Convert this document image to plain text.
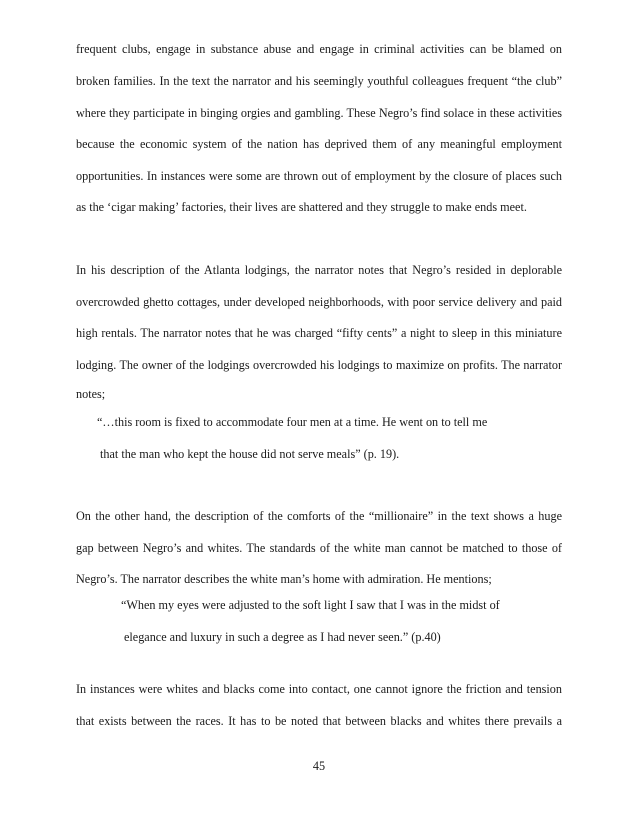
frequent clubs, engage in substance abuse and engage in criminal activities can be blamed on
broken families. In the text the narrator and his seemingly youthful colleagues frequent “the club”
where they participate in binging orgies and gambling. These Negro’s find solace in these activities
because the economic system of the nation has deprived them of any meaningful employment
opportunities. In instances were some are thrown out of employment by the closure of places such
as the ‘cigar making’ factories, their lives are shattered and they struggle to make ends meet.
In his description of the Atlanta lodgings, the narrator notes that Negro’s resided in deplorable
overcrowded ghetto cottages, under developed neighborhoods, with poor service delivery and paid
high rentals. The narrator notes that he was charged “fifty cents” a night to sleep in this miniature
lodging. The owner of the lodgings overcrowded his lodgings to maximize on profits. The narrator
notes;
“…this room is fixed to accommodate four men at a time. He went on to tell me
that the man who kept the house did not serve meals” (p. 19).
On the other hand, the description of the comforts of the “millionaire” in the text shows a huge
gap between Negro’s and whites. The standards of the white man cannot be matched to those of
Negro’s. The narrator describes the white man’s home with admiration. He mentions;
“When my eyes were adjusted to the soft light I saw that I was in the midst of
elegance and luxury in such a degree as I had never seen.” (p.40)
In instances were whites and blacks come into contact, one cannot ignore the friction and tension
that exists between the races. It has to be noted that between blacks and whites there prevails a
45
